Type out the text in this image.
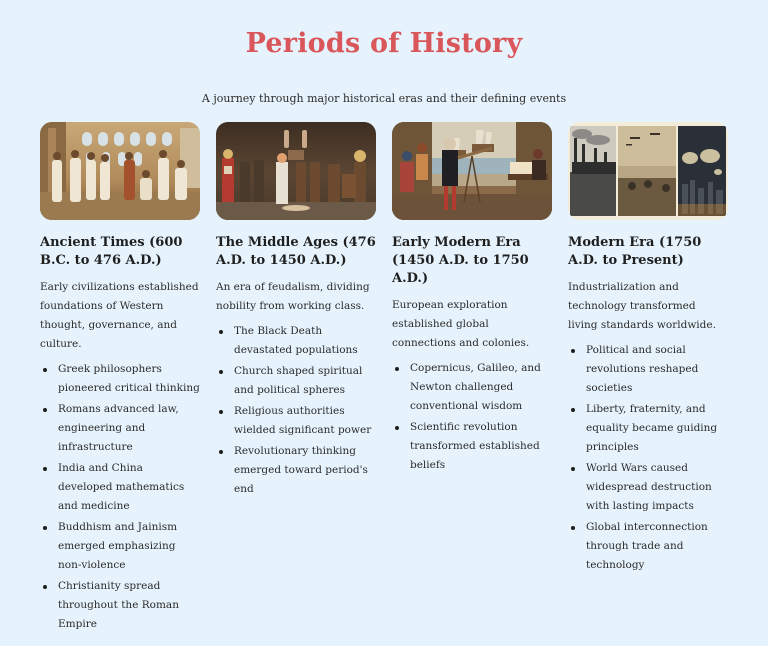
Periods of History

A journey through major historical eras and their defining events

Ancient Times (600 B.C. to 476 A.D.)

Early civilizations established foundations of Western thought, governance, and culture.

Greek philosophers pioneered critical thinking
Romans advanced law, engineering and infrastructure
India and China developed mathematics and medicine
Buddhism and Jainism emerged emphasizing non-violence
Christianity spread throughout the Roman Empire
The Middle Ages (476 A.D. to 1450 A.D.)

An era of feudalism, dividing nobility from working class.

The Black Death devastated populations
Church shaped spiritual and political spheres
Religious authorities wielded significant power
Revolutionary thinking emerged toward period's end
Early Modern Era (1450 A.D. to 1750 A.D.)

European exploration established global connections and colonies.

Copernicus, Galileo, and Newton challenged conventional wisdom
Scientific revolution transformed established beliefs
Modern Era (1750 A.D. to Present)

Industrialization and technology transformed living standards worldwide.

Political and social revolutions reshaped societies
Liberty, fraternity, and equality became guiding principles
World Wars caused widespread destruction with lasting impacts
Global interconnection through trade and technology
